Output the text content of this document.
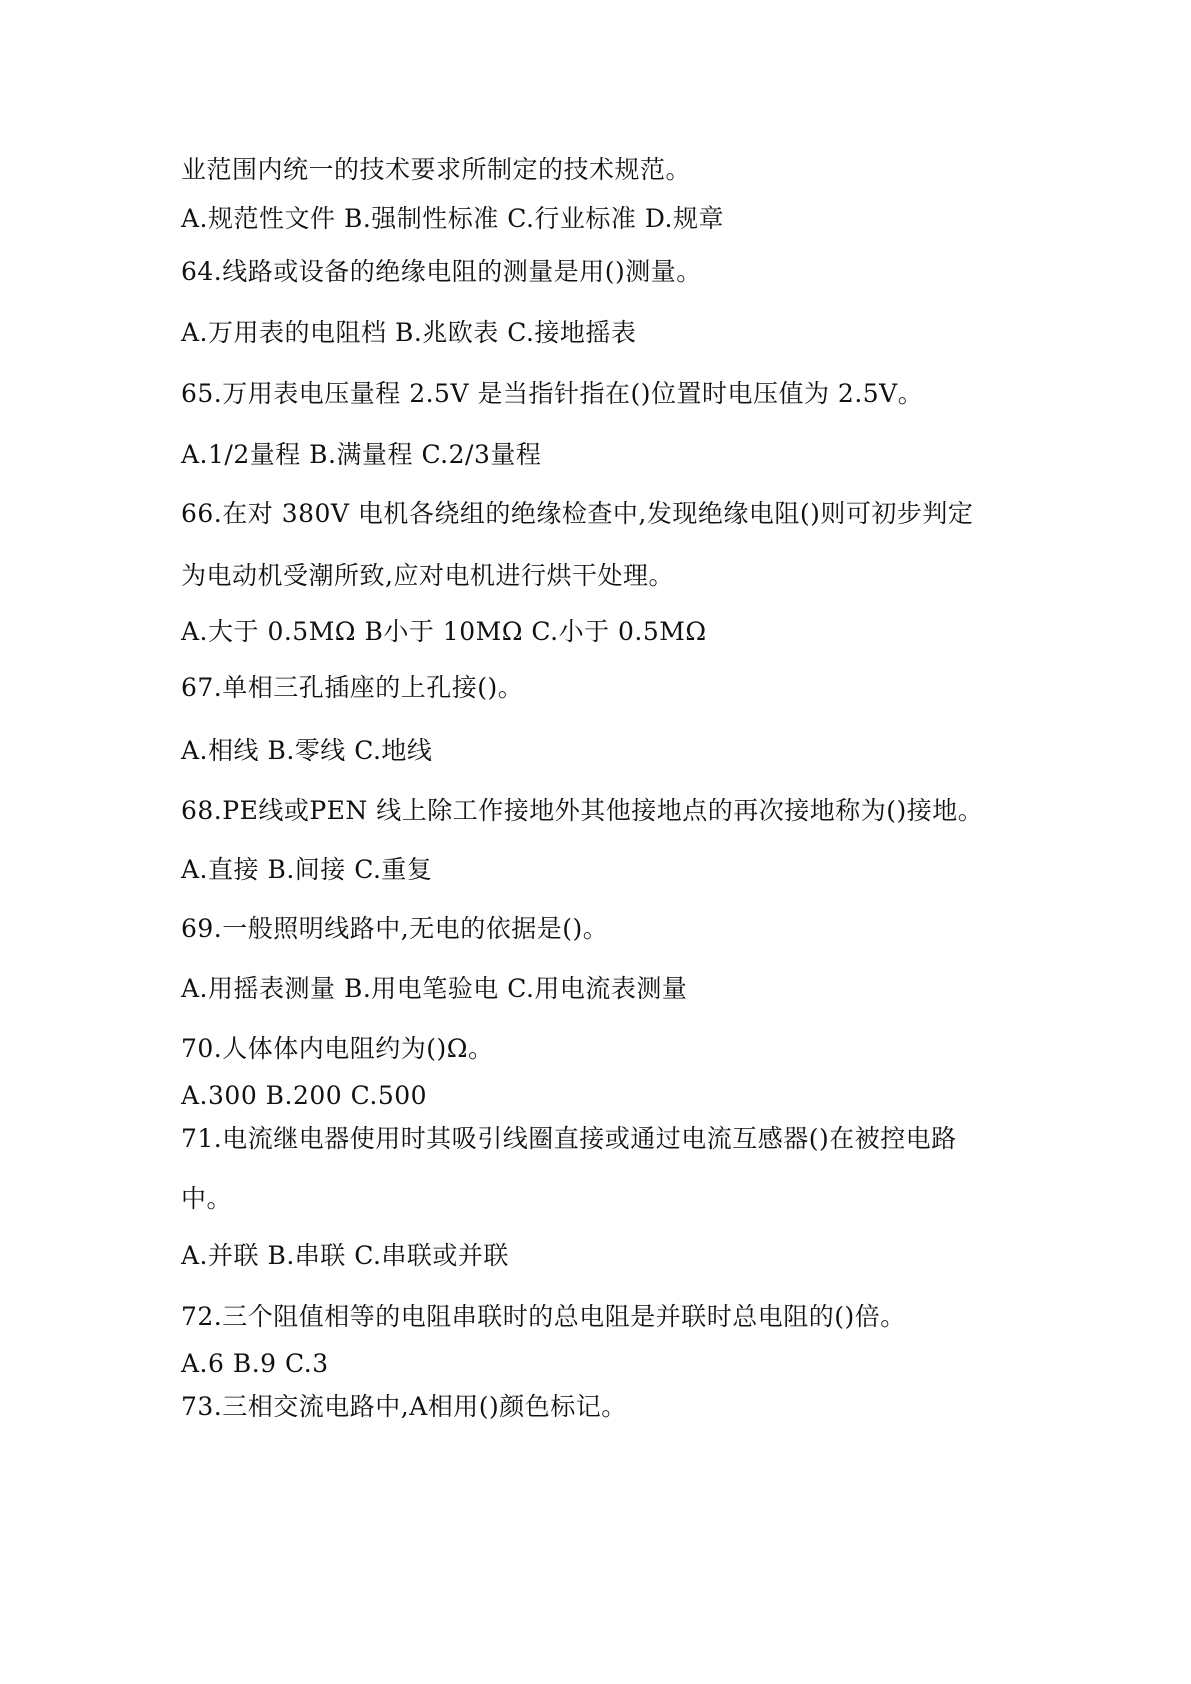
业范围内统一的技术要求所制定的技术规范。
A.规范性文件 B.强制性标准 C.行业标准 D.规章
64.线路或设备的绝缘电阻的测量是用()测量。
A.万用表的电阻档 B.兆欧表 C.接地摇表
65.万用表电压量程 2.5V 是当指针指在()位置时电压值为 2.5V。
A.1/2量程 B.满量程 C.2/3量程
66.在对 380V 电机各绕组的绝缘检查中,发现绝缘电阻()则可初步判定
为电动机受潮所致,应对电机进行烘干处理。
A.大于 0.5MΩ B小于 10MΩ C.小于 0.5MΩ
67.单相三孔插座的上孔接()。
A.相线 B.零线 C.地线
68.PE线或PEN 线上除工作接地外其他接地点的再次接地称为()接地。
A.直接 B.间接 C.重复
69.一般照明线路中,无电的依据是()。
A.用摇表测量 B.用电笔验电 C.用电流表测量
70.人体体内电阻约为()Ω。
A.300 B.200 C.500
71.电流继电器使用时其吸引线圈直接或通过电流互感器()在被控电路
中。
A.并联 B.串联 C.串联或并联
72.三个阻值相等的电阻串联时的总电阻是并联时总电阻的()倍。
A.6 B.9 C.3
73.三相交流电路中,A相用()颜色标记。
